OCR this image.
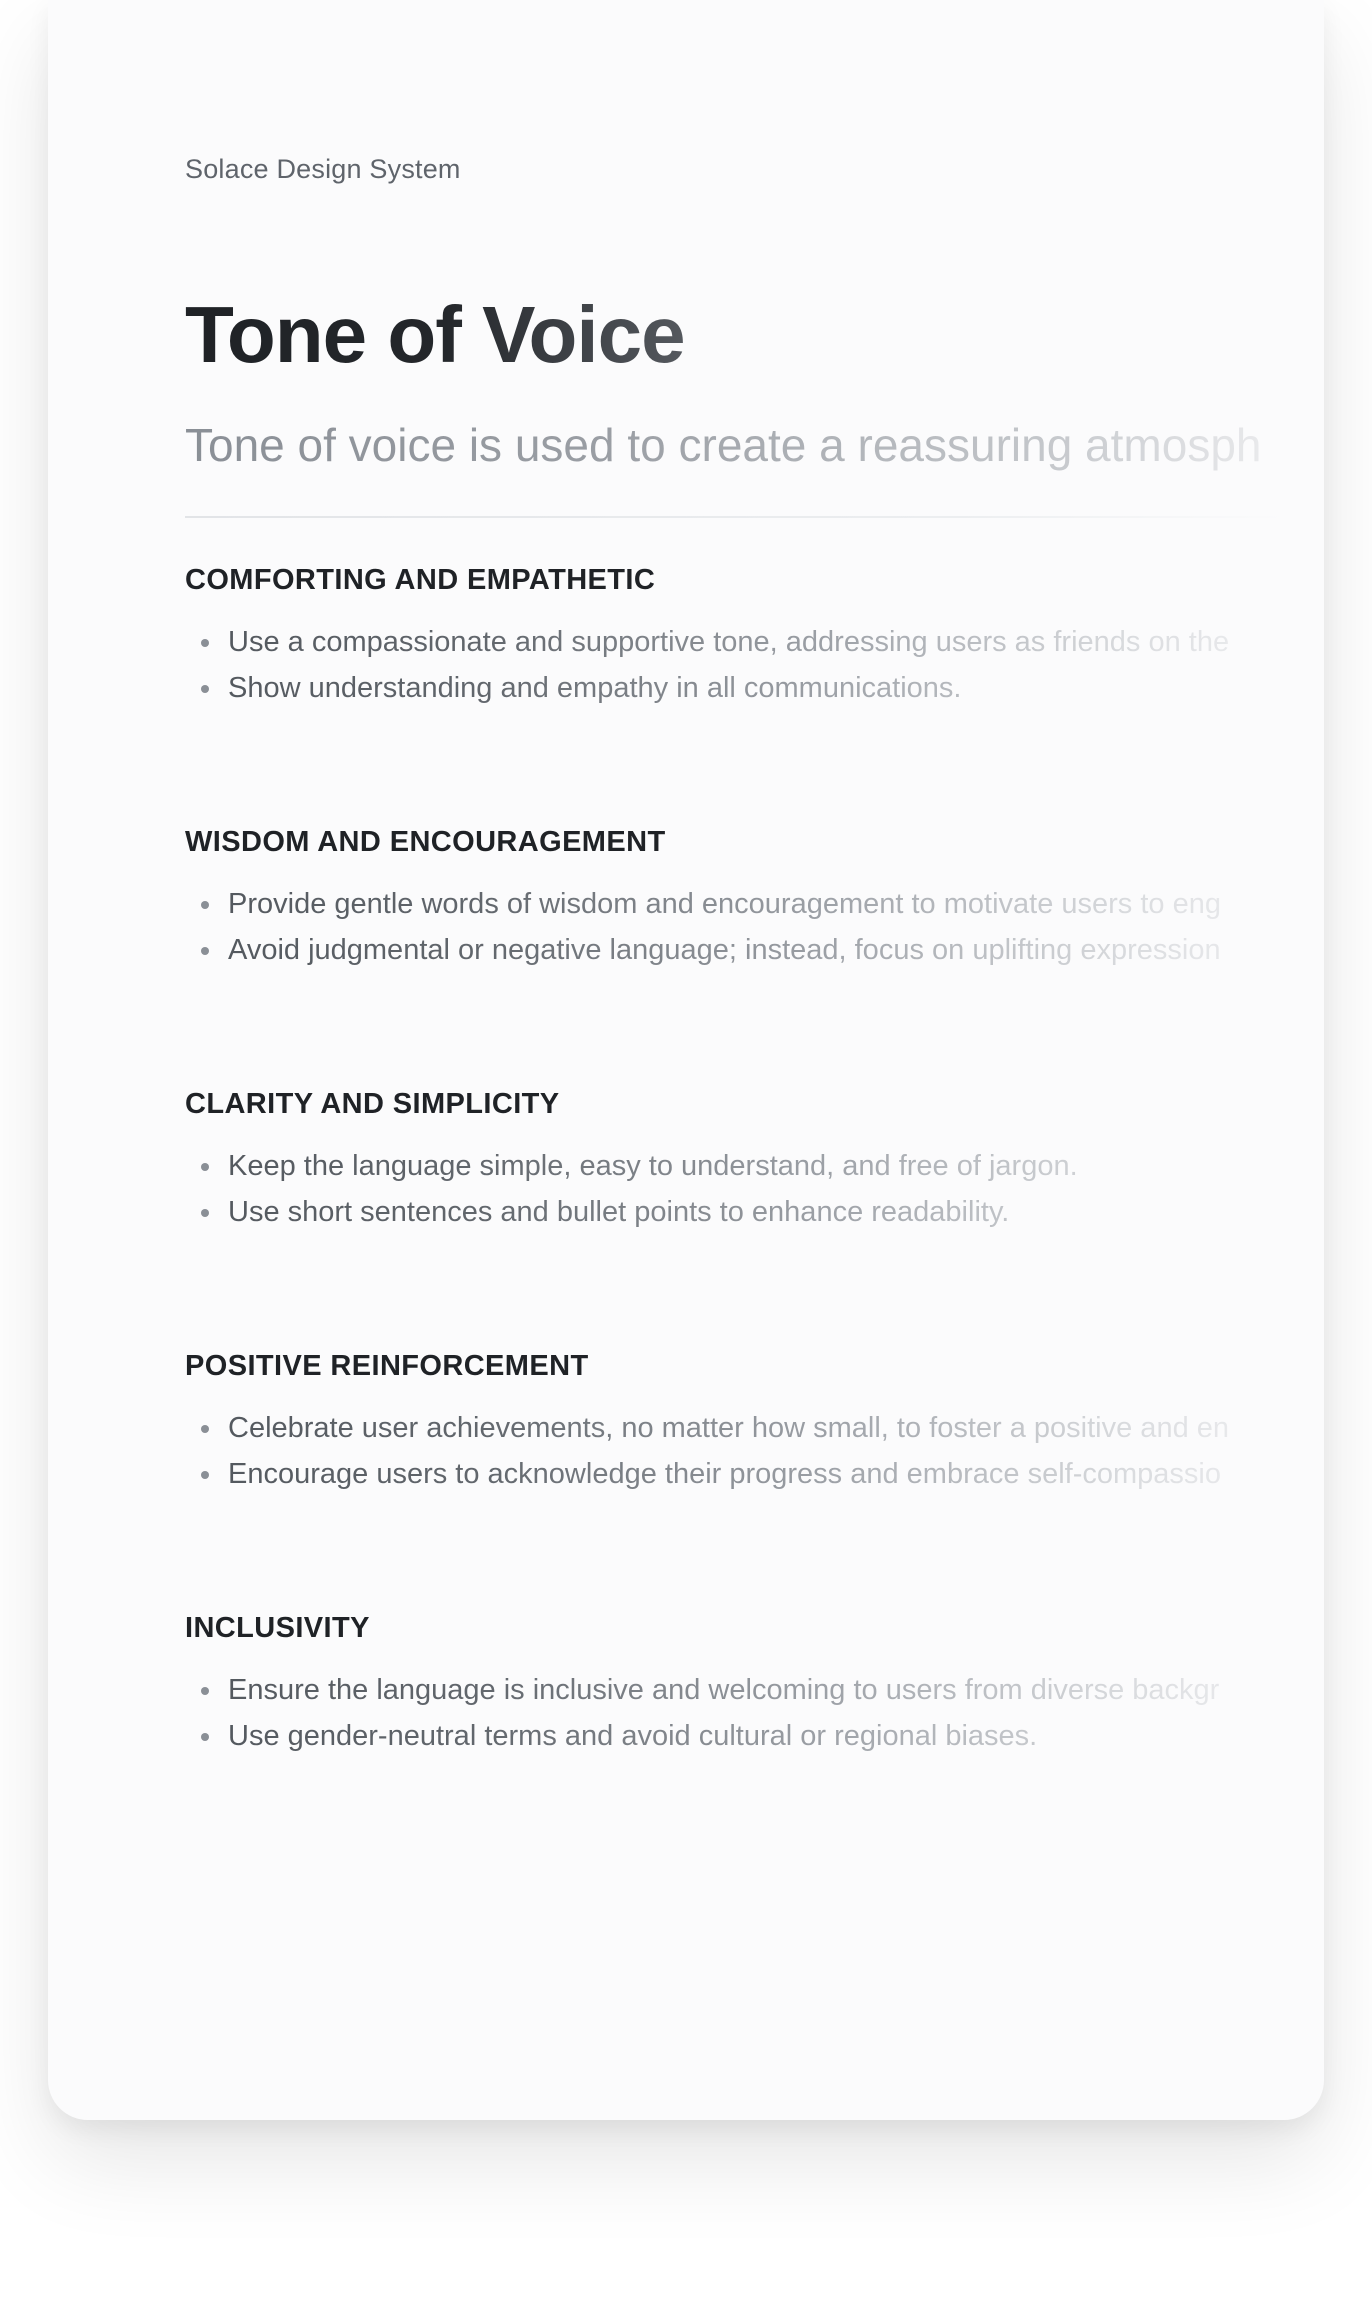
Solace Design System
Tone of Voice
Tone of voice is used to create a reassuring atmosph
COMFORTING AND EMPATHETIC
Use a compassionate and supportive tone, addressing users as friends on the
Show understanding and empathy in all communications.
WISDOM AND ENCOURAGEMENT
Provide gentle words of wisdom and encouragement to motivate users to eng
Avoid judgmental or negative language; instead, focus on uplifting expression
CLARITY AND SIMPLICITY
Keep the language simple, easy to understand, and free of jargon.
Use short sentences and bullet points to enhance readability.
POSITIVE REINFORCEMENT
Celebrate user achievements, no matter how small, to foster a positive and en
Encourage users to acknowledge their progress and embrace self-compassio
INCLUSIVITY
Ensure the language is inclusive and welcoming to users from diverse backgr
Use gender-neutral terms and avoid cultural or regional biases.
